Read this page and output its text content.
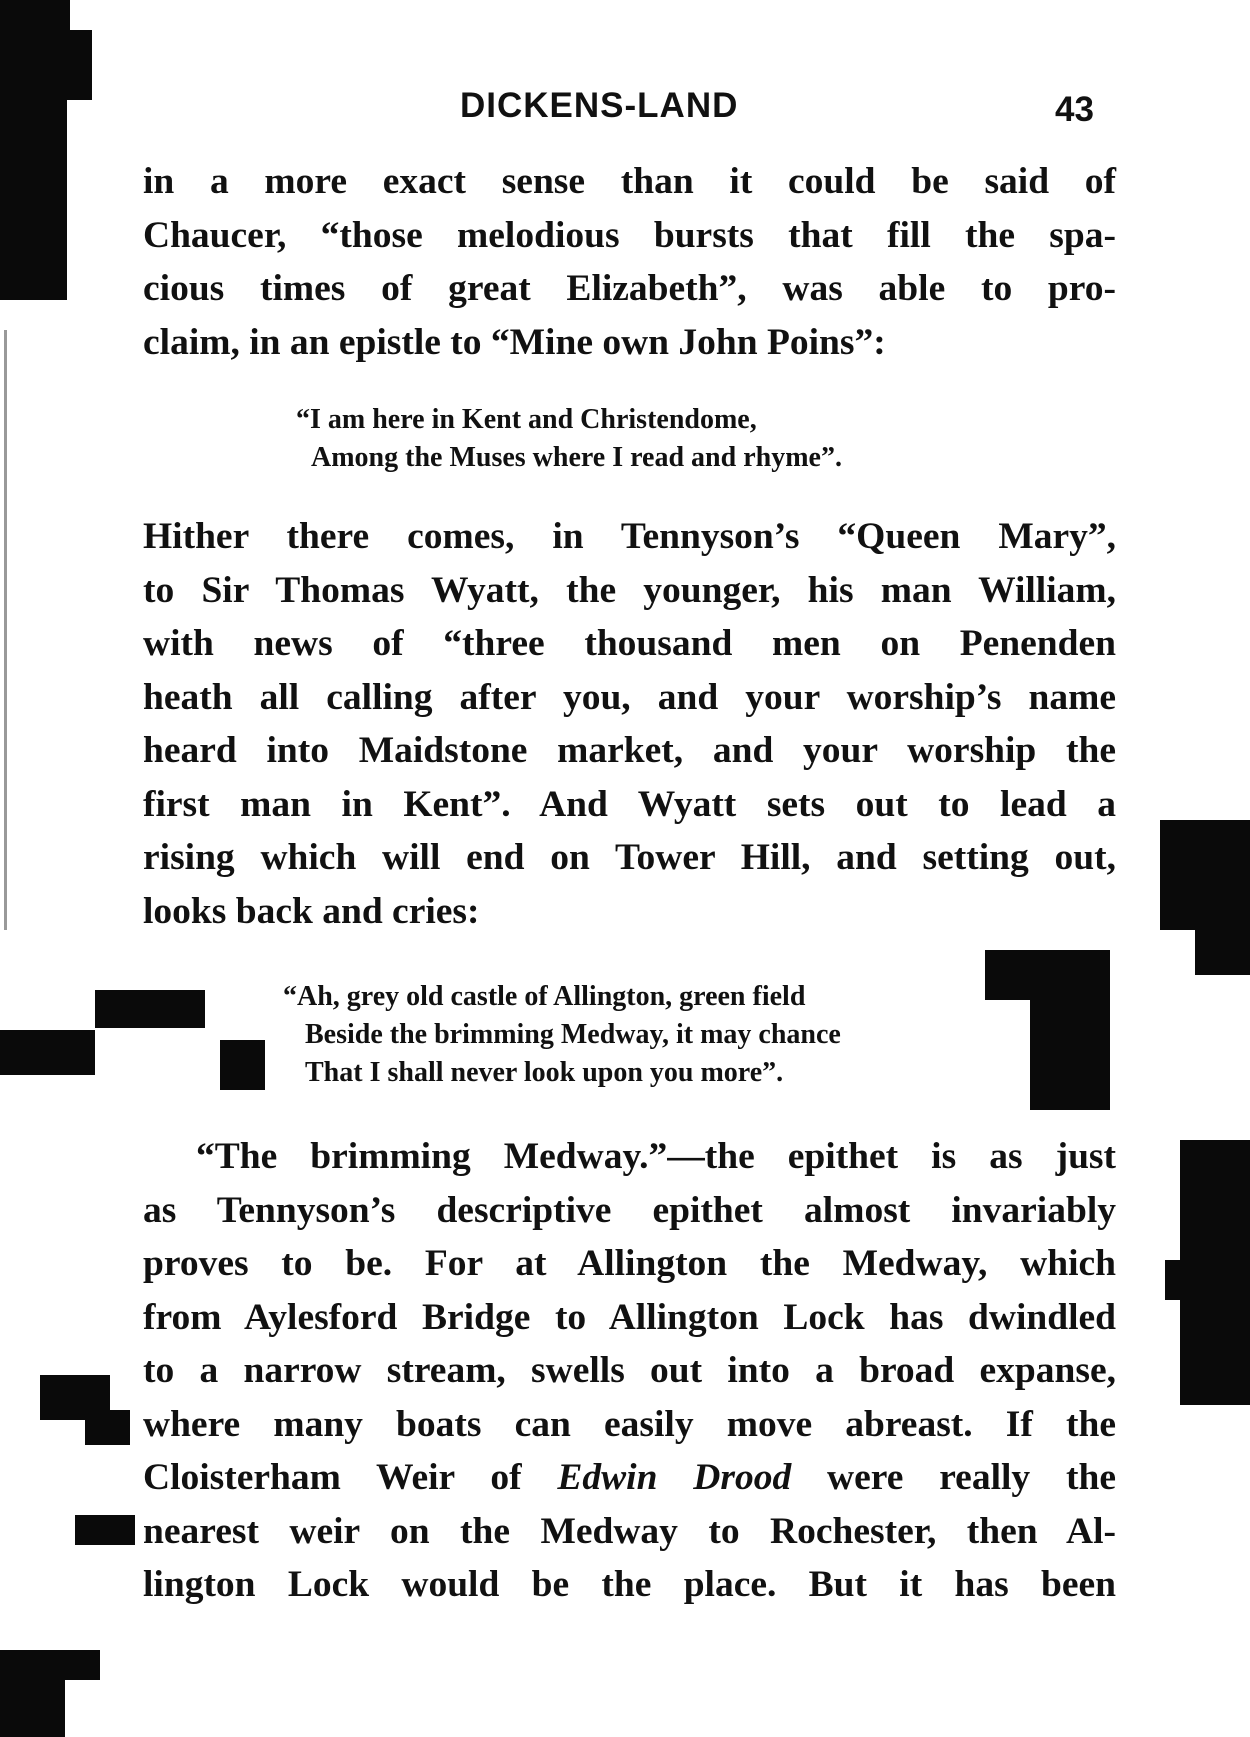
DICKENS-LAND	43
in a more exact sense than it could be said of
Chaucer, “those melodious bursts that fill the spa-
cious times of great Elizabeth”, was able to pro-
claim, in an epistle to “Mine own John Poins”:
“I am here in Kent and Christendome,
Among the Muses where I read and rhyme”.
Hither there comes, in Tennyson’s “Queen Mary”,
to Sir Thomas Wyatt, the younger, his man William,
with news of “three thousand men on Penenden
heath all calling after you, and your worship’s name
heard into Maidstone market, and your worship the
first man in Kent”. And Wyatt sets out to lead a
rising which will end on Tower Hill, and setting out,
looks back and cries:
“Ah, grey old castle of Allington, green field
Beside the brimming Medway, it may chance
That I shall never look upon you more”.
“The brimming Medway.”—the epithet is as just
as Tennyson’s descriptive epithet almost invariably
proves to be. For at Allington the Medway, which
from Aylesford Bridge to Allington Lock has dwindled
to a narrow stream, swells out into a broad expanse,
where many boats can easily move abreast. If the
Cloisterham Weir of Edwin Drood were really the
nearest weir on the Medway to Rochester, then Al-
lington Lock would be the place. But it has been
